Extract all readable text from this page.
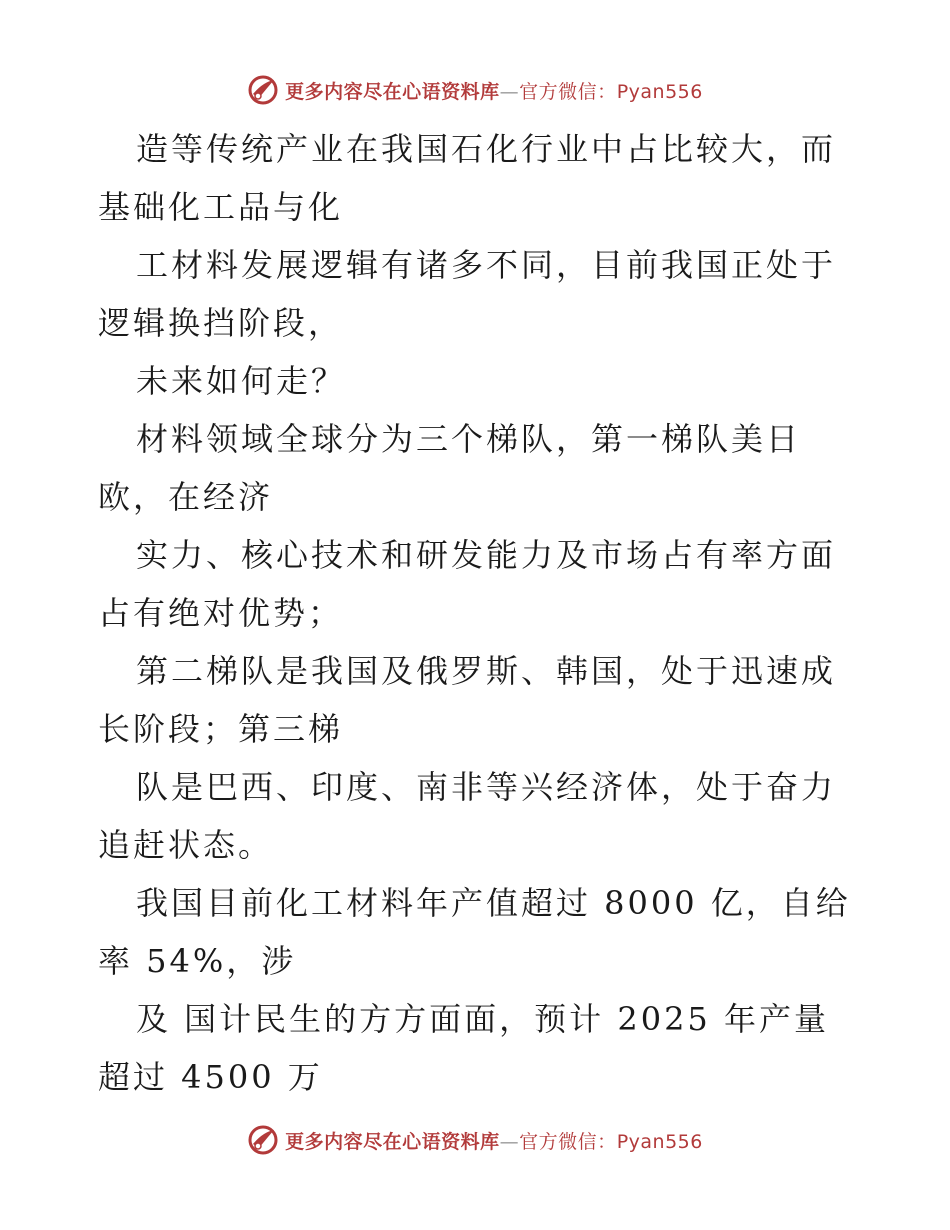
更多内容尽在心语资料库—官方微信：Pyan556

造等传统产业在我国石化行业中占比较大，而基础化工品与化

工材料发展逻辑有诸多不同，目前我国正处于逻辑换挡阶段，

未来如何走？

材料领域全球分为三个梯队，第一梯队美日欧，在经济

实力、核心技术和研发能力及市场占有率方面占有绝对优势；

第二梯队是我国及俄罗斯、韩国，处于迅速成长阶段；第三梯

队是巴西、印度、南非等兴经济体，处于奋力追赶状态。

我国目前化工材料年产值超过 8000 亿，自给率 54%，涉

及 国计民生的方方面面，预计 2025 年产量超过 4500 万

更多内容尽在心语资料库—官方微信：Pyan556
